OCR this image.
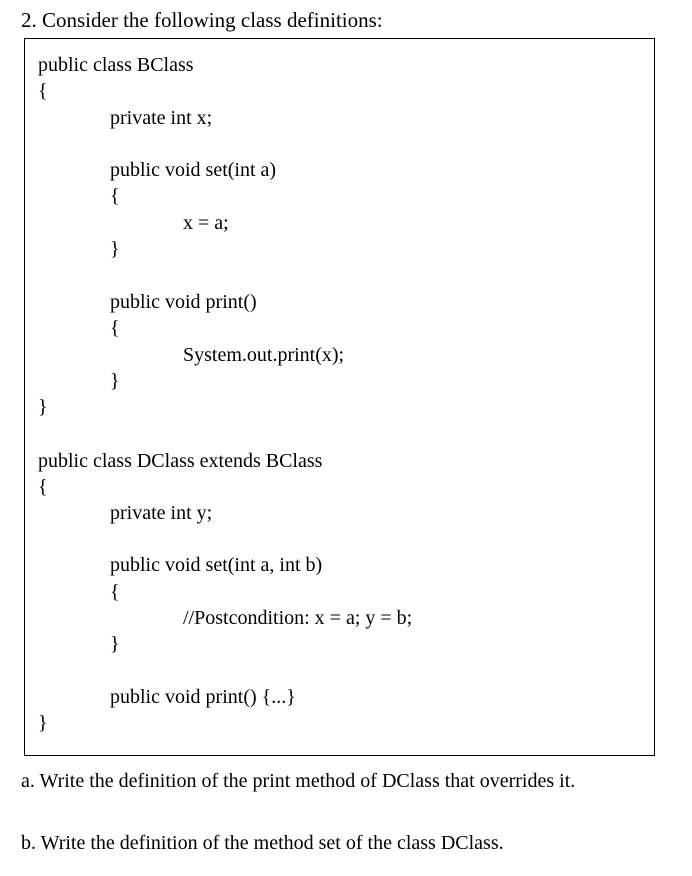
2. Consider the following class definitions:
public class BClass
{
private int x;
public void set(int a)
{
x = a;
}
public void print()
{
System.out.print(x);
}
}
public class DClass extends BClass
{
private int y;
public void set(int a, int b)
{
//Postcondition: x = a; y = b;
}
public void print() {...}
}
a. Write the definition of the print method of DClass that overrides it.
b. Write the definition of the method set of the class DClass.
